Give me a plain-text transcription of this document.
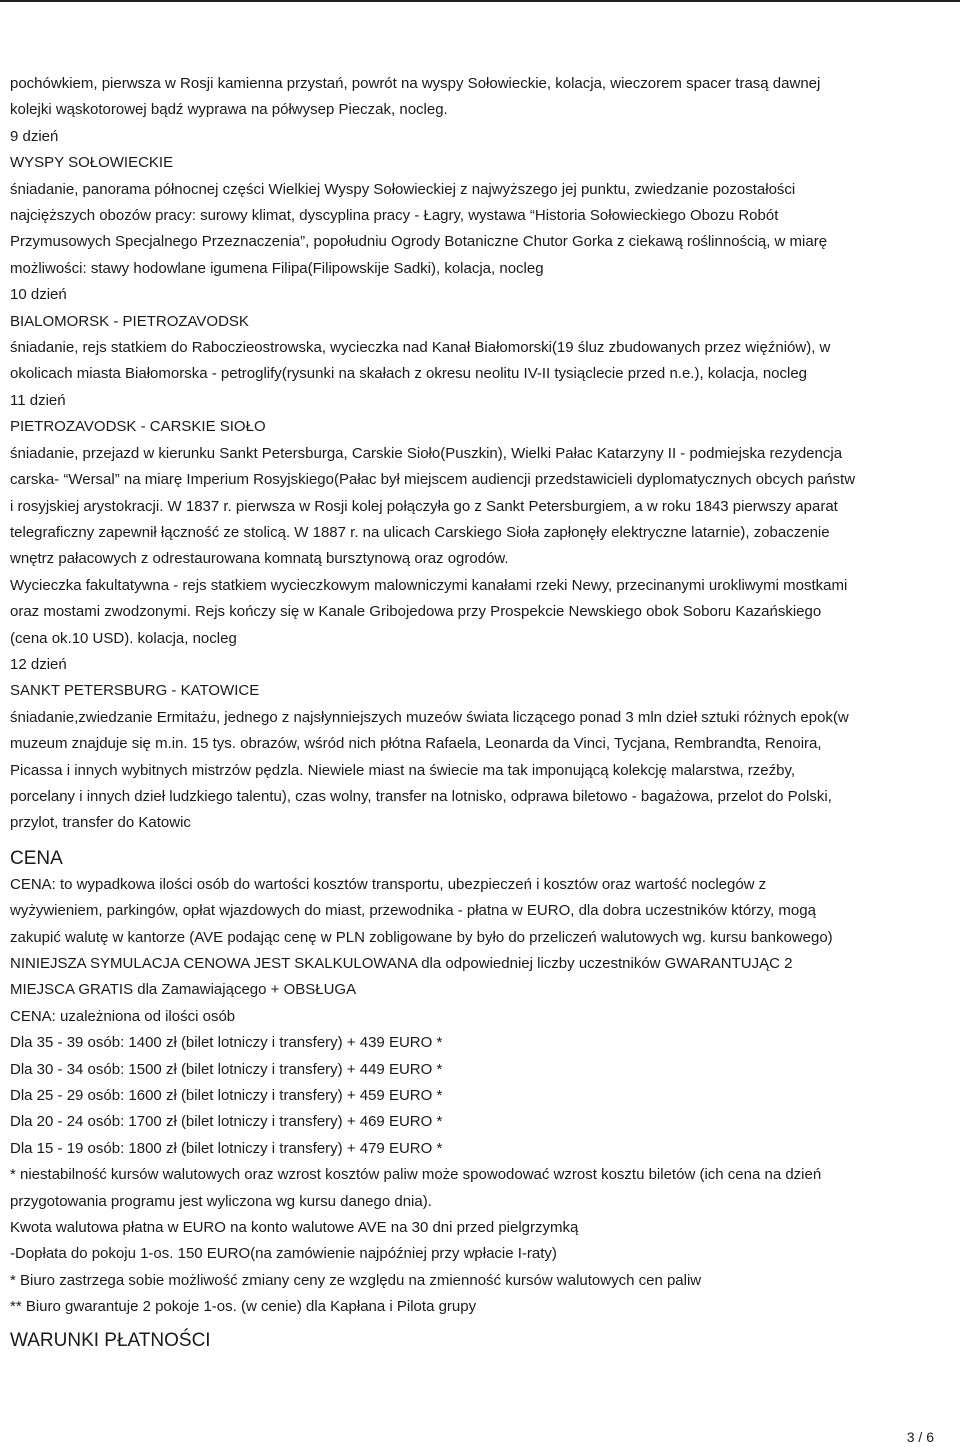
pochówkiem, pierwsza w Rosji kamienna przystań, powrót na wyspy Sołowieckie, kolacja, wieczorem spacer trasą dawnej
kolejki wąskotorowej bądź wyprawa na półwysep Pieczak, nocleg.
9 dzień
WYSPY SOŁOWIECKIE
śniadanie, panorama północnej części Wielkiej Wyspy Sołowieckiej z najwyższego jej punktu, zwiedzanie pozostałości
najcięższych obozów pracy: surowy klimat, dyscyplina pracy - Łagry, wystawa “Historia Sołowieckiego Obozu Robót
Przymusowych Specjalnego Przeznaczenia”, popołudniu Ogrody Botaniczne Chutor Gorka z ciekawą roślinnością, w miarę
możliwości: stawy hodowlane igumena Filipa(Filipowskije Sadki), kolacja, nocleg
10 dzień
BIALOMORSK - PIETROZAVODSK
śniadanie, rejs statkiem do Raboczieostrowska, wycieczka nad Kanał Białomorski(19 śluz zbudowanych przez więźniów), w
okolicach miasta Białomorska - petroglify(rysunki na skałach z okresu neolitu IV-II tysiąclecie przed n.e.), kolacja, nocleg
11 dzień
PIETROZAVODSK - CARSKIE SIOŁO
śniadanie, przejazd w kierunku Sankt Petersburga, Carskie Sioło(Puszkin), Wielki Pałac Katarzyny II - podmiejska rezydencja
carska- “Wersal” na miarę Imperium Rosyjskiego(Pałac był miejscem audiencji przedstawicieli dyplomatycznych obcych państw
i rosyjskiej arystokracji. W 1837 r. pierwsza w Rosji kolej połączyła go z Sankt Petersburgiem, a w roku 1843 pierwszy aparat
telegraficzny zapewnił łączność ze stolicą. W 1887 r. na ulicach Carskiego Sioła zapłonęły elektryczne latarnie), zobaczenie
wnętrz pałacowych z odrestaurowana komnatą bursztynową oraz ogrodów.
Wycieczka fakultatywna - rejs statkiem wycieczkowym malowniczymi kanałami rzeki Newy, przecinanymi urokliwymi mostkami
oraz mostami zwodzonymi. Rejs kończy się w Kanale Gribojedowa przy Prospekcie Newskiego obok Soboru Kazańskiego
(cena ok.10 USD). kolacja, nocleg
12 dzień
SANKT PETERSBURG - KATOWICE
śniadanie,zwiedzanie Ermitażu, jednego z najsłynniejszych muzeów świata liczącego ponad 3 mln dzieł sztuki różnych epok(w
muzeum znajduje się m.in. 15 tys. obrazów, wśród nich płótna Rafaela, Leonarda da Vinci, Tycjana, Rembrandta, Renoira,
Picassa i innych wybitnych mistrzów pędzla. Niewiele miast na świecie ma tak imponującą kolekcję malarstwa, rzeźby,
porcelany i innych dzieł ludzkiego talentu), czas wolny, transfer na lotnisko, odprawa biletowo - bagażowa, przelot do Polski,
przylot, transfer do Katowic
CENA
CENA: to wypadkowa ilości osób do wartości kosztów transportu, ubezpieczeń i kosztów oraz wartość noclegów z
wyżywieniem, parkingów, opłat wjazdowych do miast, przewodnika - płatna w EURO, dla dobra uczestników którzy, mogą
zakupić walutę w kantorze (AVE podając cenę w PLN zobligowane by było do przeliczeń walutowych wg. kursu bankowego)
NINIEJSZA SYMULACJA CENOWA JEST SKALKULOWANA dla odpowiedniej liczby uczestników GWARANTUJĄC 2
MIEJSCA GRATIS dla Zamawiającego + OBSŁUGA
CENA: uzależniona od ilości osób
Dla 35 - 39 osób: 1400 zł (bilet lotniczy i transfery) + 439 EURO *
Dla 30 - 34 osób: 1500 zł (bilet lotniczy i transfery) + 449 EURO *
Dla 25 - 29 osób: 1600 zł (bilet lotniczy i transfery) + 459 EURO *
Dla 20 - 24 osób: 1700 zł (bilet lotniczy i transfery) + 469 EURO *
Dla 15 - 19 osób: 1800 zł (bilet lotniczy i transfery) + 479 EURO *
* niestabilność kursów walutowych oraz wzrost kosztów paliw może spowodować wzrost kosztu biletów (ich cena na dzień
przygotowania programu jest wyliczona wg kursu danego dnia).
Kwota walutowa płatna w EURO na konto walutowe AVE na 30 dni przed pielgrzymką
-Dopłata do pokoju 1-os. 150 EURO(na zamówienie najpóźniej przy wpłacie I-raty)
* Biuro zastrzega sobie możliwość zmiany ceny ze względu na zmienność kursów walutowych cen paliw
** Biuro gwarantuje 2 pokoje 1-os. (w cenie) dla Kapłana i Pilota grupy
WARUNKI PŁATNOŚCI
3 / 6
